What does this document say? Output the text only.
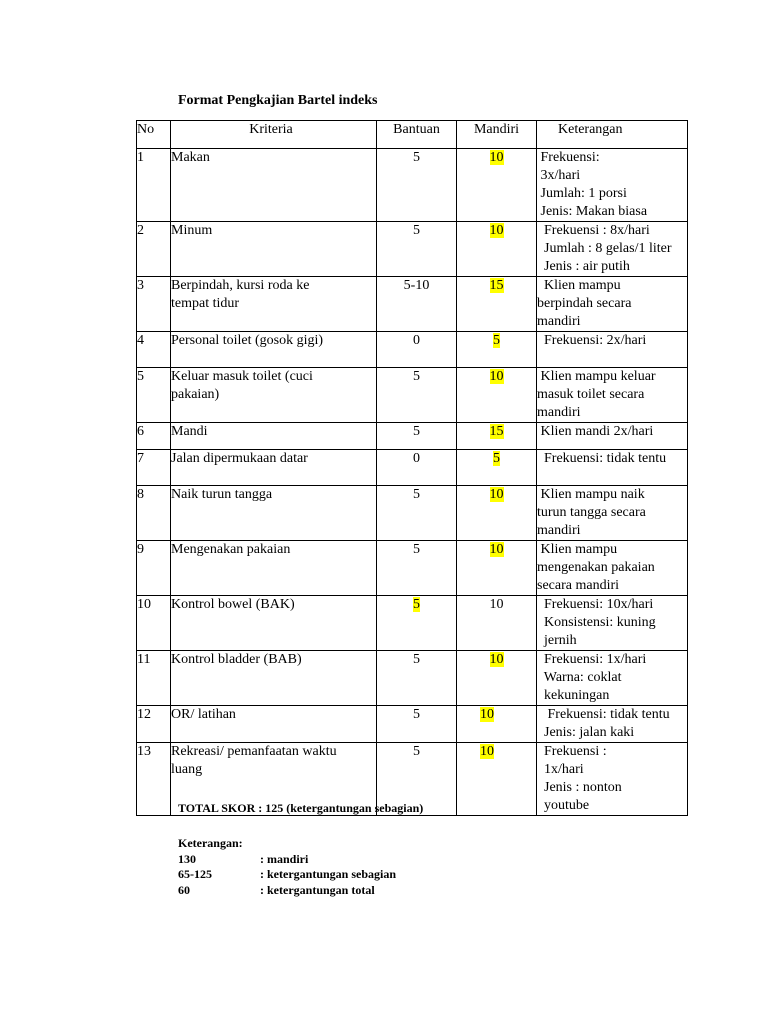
Format Pengkajian Bartel indeks
No	Kriteria	Bantuan	Mandiri	Keterangan
1	Makan	5	10	Frekuensi:
3x/hari
Jumlah: 1 porsi
Jenis: Makan biasa
2	Minum	5	10	Frekuensi : 8x/hari
Jumlah : 8 gelas/1 liter
Jenis : air putih
3	Berpindah, kursi roda ke
tempat tidur	5-10	15	Klien mampu
berpindah secara
mandiri
4	Personal toilet (gosok gigi)	0	5	Frekuensi: 2x/hari
5	Keluar masuk toilet (cuci
pakaian)	5	10	Klien mampu keluar
masuk toilet secara
mandiri
6	Mandi	5	15	Klien mandi 2x/hari
7	Jalan dipermukaan datar	0	5	Frekuensi: tidak tentu
8	Naik turun tangga	5	10	Klien mampu naik
turun tangga secara
mandiri
9	Mengenakan pakaian	5	10	Klien mampu
mengenakan pakaian
secara mandiri
10	Kontrol bowel (BAK)	5	10	Frekuensi: 10x/hari
Konsistensi: kuning
jernih
11	Kontrol bladder (BAB)	5	10	Frekuensi: 1x/hari
Warna: coklat
kekuningan
12	OR/ latihan	5	10	Frekuensi: tidak tentu
Jenis: jalan kaki
13	Rekreasi/ pemanfaatan waktu
luang	5	10	Frekuensi :
1x/hari
Jenis : nonton
youtube
TOTAL SKOR : 125 (ketergantungan sebagian)
Keterangan:
130	: mandiri
65-125	: ketergantungan sebagian
60	: ketergantungan total
